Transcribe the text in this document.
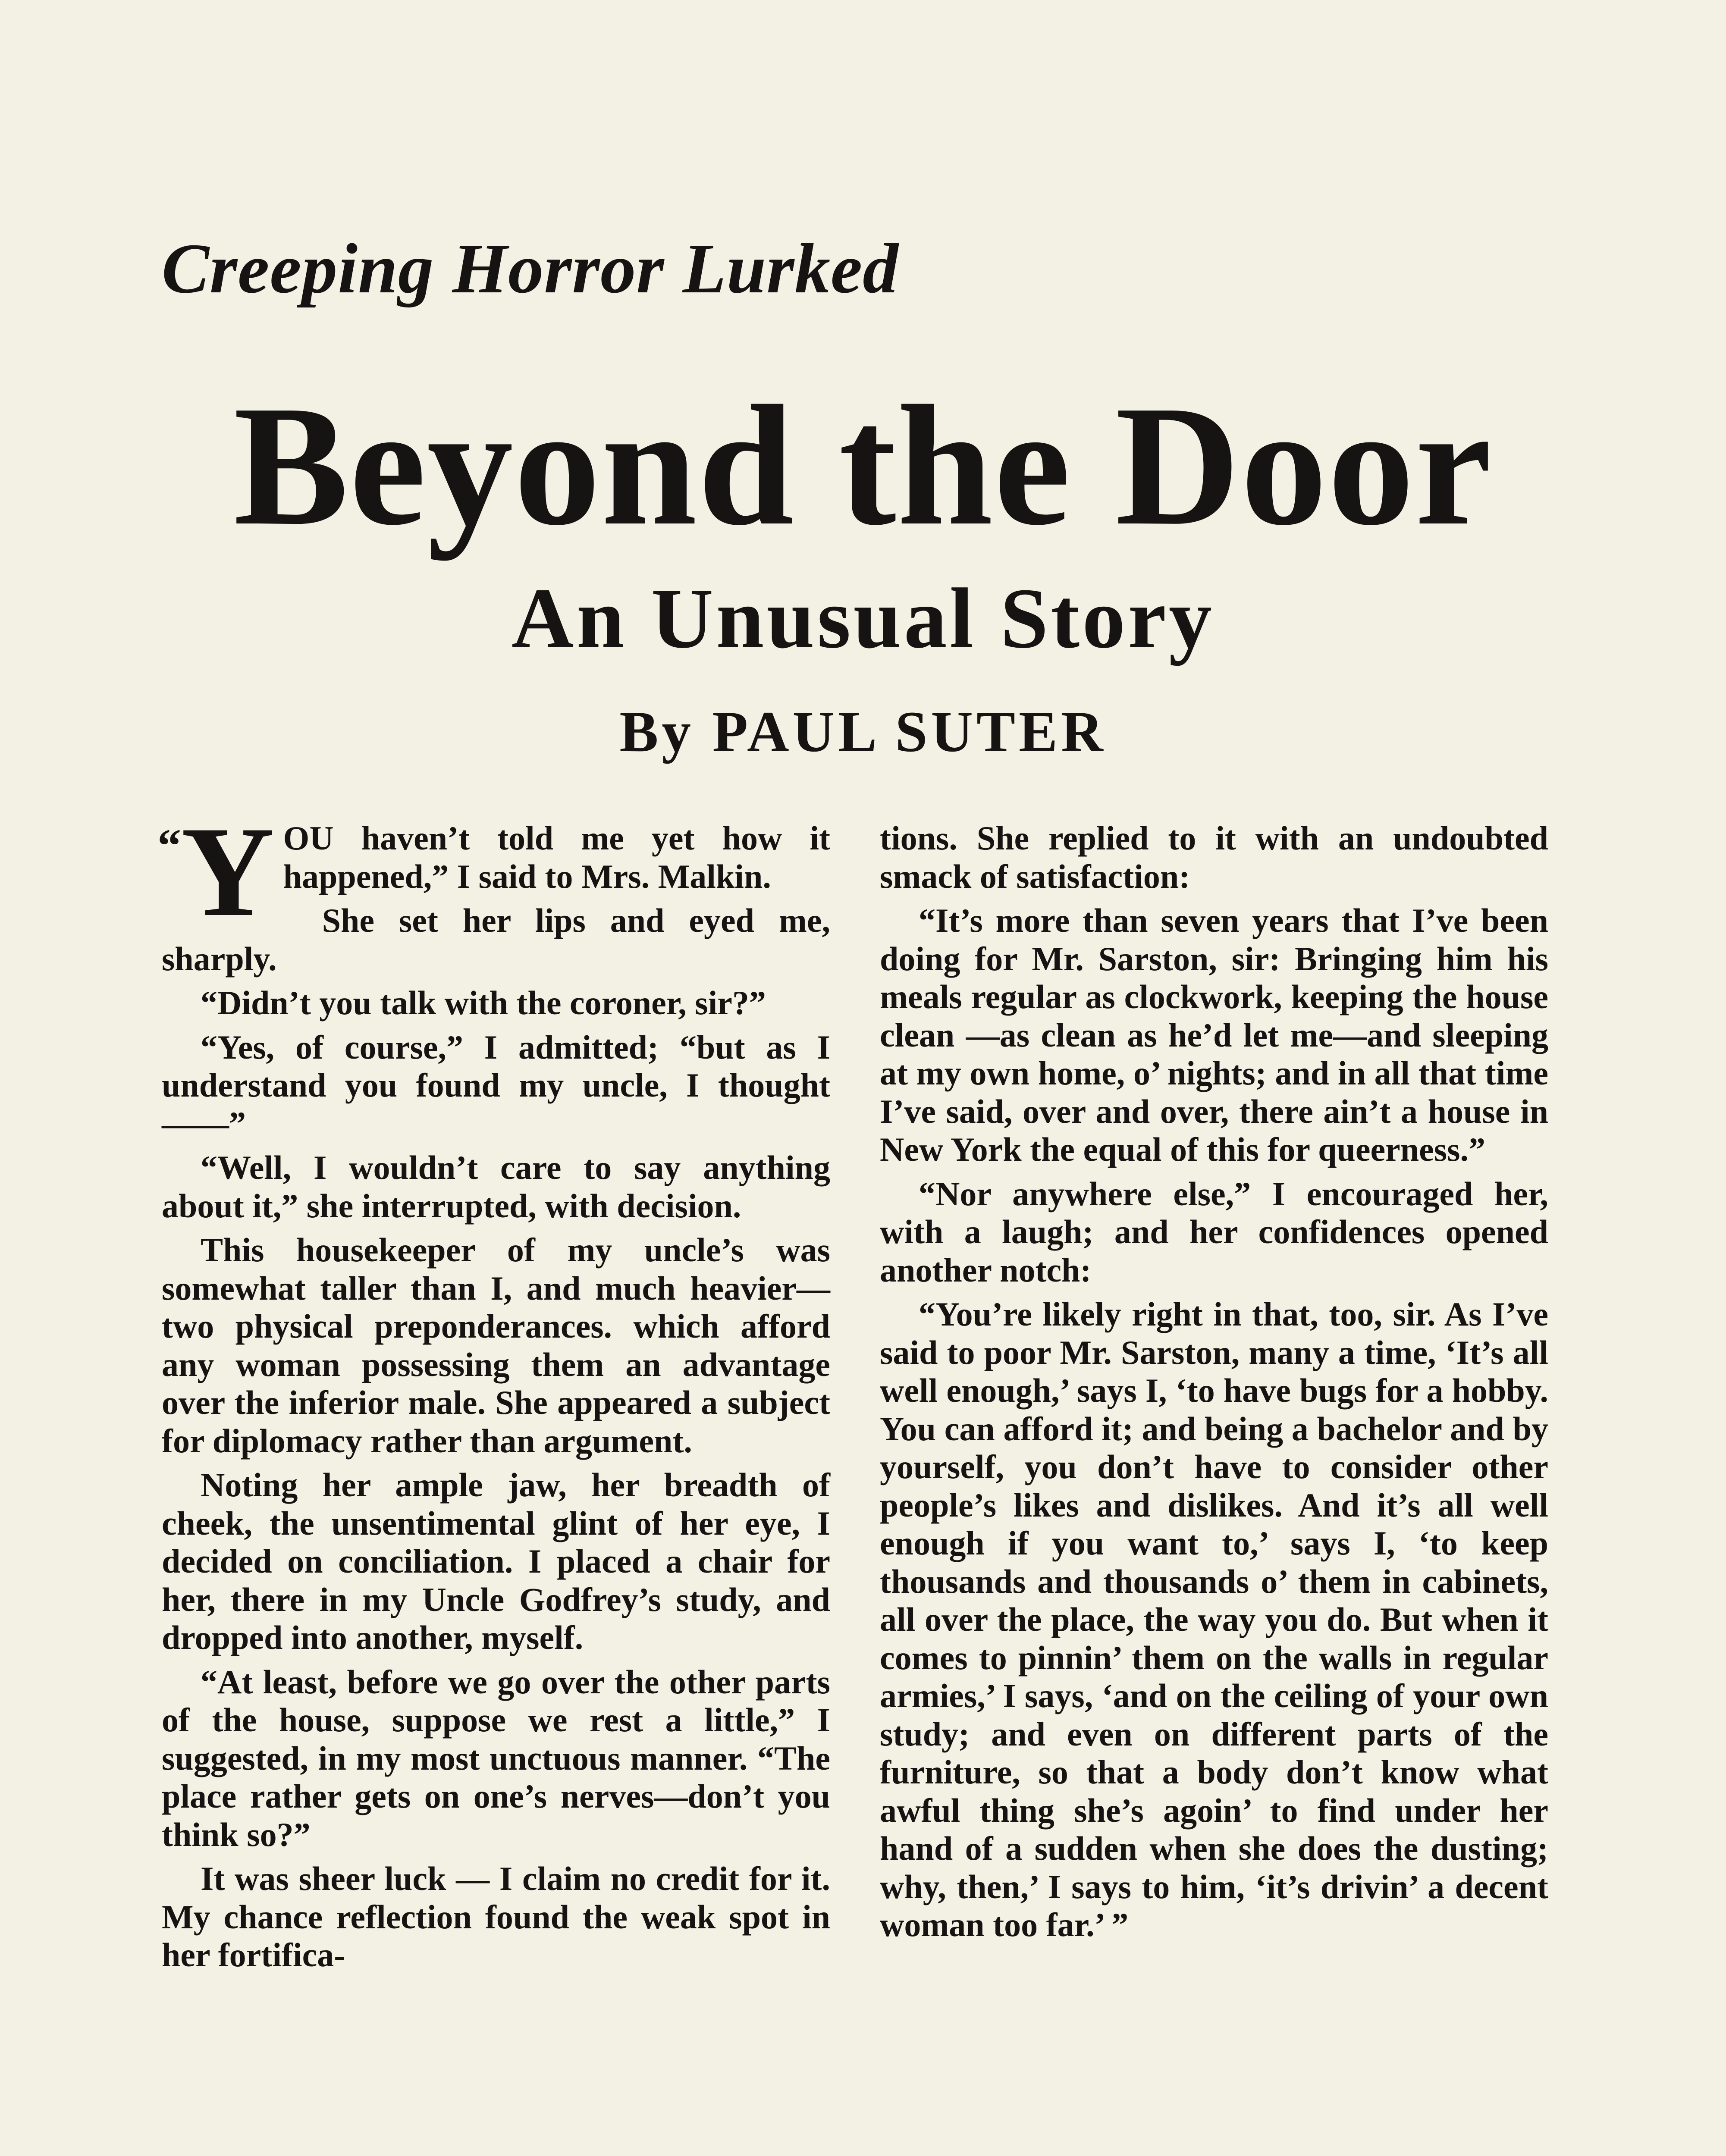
Creeping Horror Lurked
Beyond the Door
An Unusual Story
By PAUL SUTER

“Y OU haven’t told me yet how it happened,” I said to Mrs. Malkin.

She set her lips and eyed me, sharply.

“Didn’t you talk with the coroner, sir?”

“Yes, of course,” I admitted; “but as I understand you found my uncle, I thought——”

“Well, I wouldn’t care to say anything about it,” she interrupted, with decision.

This housekeeper of my uncle’s was somewhat taller than I, and much heavier—two physical preponderances. which afford any woman possessing them an advantage over the inferior male. She appeared a subject for diplomacy rather than argument.

Noting her ample jaw, her breadth of cheek, the unsentimental glint of her eye, I decided on conciliation. I placed a chair for her, there in my Uncle Godfrey’s study, and dropped into another, myself.

“At least, before we go over the other parts of the house, suppose we rest a little,” I suggested, in my most unctuous manner. “The place rather gets on one’s nerves—don’t you think so?”

It was sheer luck — I claim no credit for it. My chance reflection found the weak spot in her fortifica-

tions. She replied to it with an undoubted smack of satisfaction:

“It’s more than seven years that I’ve been doing for Mr. Sarston, sir: Bringing him his meals regular as clockwork, keeping the house clean —as clean as he’d let me—and sleeping at my own home, o’ nights; and in all that time I’ve said, over and over, there ain’t a house in New York the equal of this for queerness.”

“Nor anywhere else,” I encouraged her, with a laugh; and her confidences opened another notch:

“You’re likely right in that, too, sir. As I’ve said to poor Mr. Sarston, many a time, ‘It’s all well enough,’ says I, ‘to have bugs for a hobby. You can afford it; and being a bachelor and by yourself, you don’t have to consider other people’s likes and dislikes. And it’s all well enough if you want to,’ says I, ‘to keep thousands and thousands o’ them in cabinets, all over the place, the way you do. But when it comes to pinnin’ them on the walls in regular armies,’ I says, ‘and on the ceiling of your own study; and even on different parts of the furniture, so that a body don’t know what awful thing she’s agoin’ to find under her hand of a sudden when she does the dusting; why, then,’ I says to him, ‘it’s drivin’ a decent woman too far.’ ”
